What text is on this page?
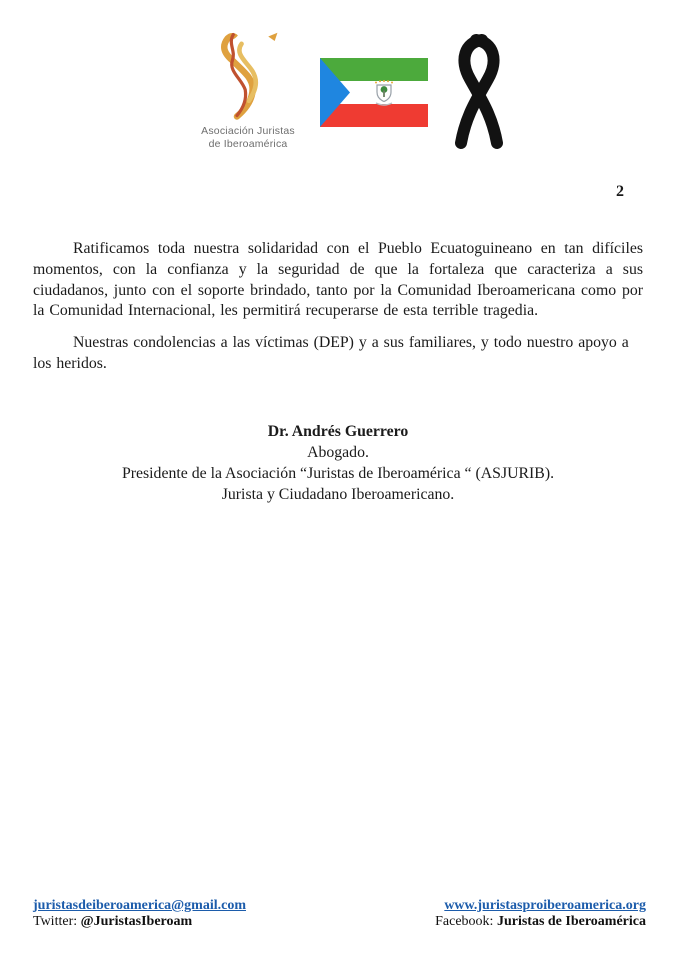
Asociación Juristas
de Iberoamérica
2

Ratificamos toda nuestra solidaridad con el Pueblo Ecuatoguineano en tan difíciles momentos, con la confianza y la seguridad de que la fortaleza que caracteriza a sus ciudadanos, junto con el soporte brindado, tanto por la Comunidad Iberoamericana como por la Comunidad Internacional, les permitirá recuperarse de esta terrible tragedia.

Nuestras condolencias a las víctimas (DEP) y a sus familiares, y todo nuestro apoyo a los heridos.

Dr. Andrés Guerrero
Abogado.
Presidente de la Asociación “Juristas de Iberoamérica “ (ASJURIB).
Jurista y Ciudadano Iberoamericano.
juristasdeiberoamerica@gmail.com
Twitter: @JuristasIberoam
www.juristasproiberoamerica.org
Facebook: Juristas de Iberoamérica
